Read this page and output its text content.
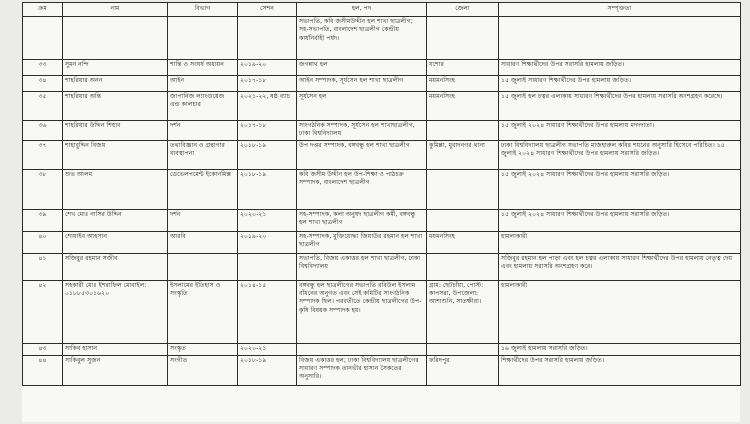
ক্রম	নাম	বিভাগ	সেশন	হল, পদ	জেলা	সম্পৃক্ততা
				সভাপতি, কবি জসীমউদ্দীন হল শাখা ছাত্রলীগ; সহ-সভাপতি, বাংলাদেশ ছাত্রলীগ কেন্দ্রীয় কার্যনির্বাহী পর্ষদ।		
৩৩	সুমন নন্দি	শান্তি ও সংঘর্ষ অধ্যয়ন	২০১৯-২০	জগন্নাথ হল	যশোর	সাধারণ শিক্ষার্থীদের উপর সরাসরি হামলায় জড়িত।
৩৪	শাহরিয়ার অনন	আইন	২০১৭-১৮	আইন সম্পাদক, সূর্যসেন হল শাখা ছাত্রলীগ	ময়মনসিংহ	১৫ জুলাই সাধারণ শিক্ষার্থীদের উপর হামলায় জড়িত।
৩৫	শাহরিয়ার অন্তি	জাপানিজ ল্যাংগুয়েজ এন্ড কালচার	২০২১-২২, ষষ্ঠ ব্যাচ	সূর্যসেন হল	ময়মনসিংহ	১৫ জুলাই হল চত্বর এলাকায় সাধারণ শিক্ষার্থীদের উপর হামলায় সরাসরি অংশগ্রহণ করেছে।
৩৬	শাহরিয়ার উদ্দিন শিহাব	দর্শন	২০১৭-১৮	সাংগঠনিক সম্পাদক, সূর্যসেন হল শাখাছাত্রলীগ, ঢাকা বিশ্ববিদ্যালয়		১৫ জুলাই ২০২৪ সাধারণ শিক্ষার্থীদের উপর হামলায় মদদদাতা।
৩৭	শাহাবুদ্দিন বিজয়	তথ্যবিজ্ঞান ও গ্রন্থাগার ব্যবস্থাপনা	২০১৮-১৯	উপ দপ্তর সম্পাদক, বঙ্গবন্ধু হল শাখা ছাত্রলীগ	কুমিল্লা, মুরাদনগর থানা	ঢাকা বিশ্ববিদ্যালয় ছাত্রলীগ সভাপতি মাজহারুল কবির শয়নের অনুসারি হিসেবে পরিচিত। ১৫ জুলাই ২০২৪ সাধারণ শিক্ষার্থীদের উপর হামলায় সরাসরি জড়িত।
৩৮	শুভ আলম	ডেভেলপমেন্ট ইকোনমিক্স	২০১৮-১৯	কবি জসীম উদ্দীন হল উপ-শিক্ষা ও পাঠচক্র সম্পাদক, বাংলাদেশ ছাত্রলীগ		১৫ জুলাই ২০২৪ সাধারণ শিক্ষার্থীদের উপর হামলায় সরাসরি জড়িত।
৩৯	শেখ মোঃ নাসির উদ্দিন	দর্শন	২০২০-২১	সহ-সম্পাদক, কলা অনুষদ ছাত্রলীগ কর্মী, বঙ্গবন্ধু হল শাখা ছাত্রলীগ		১৫ জুলাই ২০২৪ সাধারণ শিক্ষার্থীদের উপর হামলায় সরাসরি জড়িত।
৪০	শোয়াইব আহসান	আরবি	২০১৯-২০	সহ-সম্পাদক, মুক্তিযোদ্ধা জিয়াউর রহমান হল শাখা ছাত্রলীগ	ময়মনসিংহ	হামলাকারী
৪১	সজিবুর রহমান সজীব			সভাপতি, বিজয় একাত্তর হল শাখা ছাত্রলীগ, ঢাকা বিশ্ববিদ্যালয়		সজিবুর রহমান হল পাড়া এবং হল চত্বর এলাকায় সাধারণ শিক্ষার্থীদের উপর হামলায় নেতৃত্ব দেয় এবং হামলায় সরাসরি অংশগ্রহণ করে।
৪২	সহকারী মোঃ ইশরাফিল মোবাইল: ০১৮৮৫৩০১৬২০	ইসলামের ইতিহাস ও সংস্কৃতি	২০১৪-১৫	বঙ্গবন্ধু হল ছাত্রলীগের সভাপতি রবিউল ইসলাম বাঁধনের অনুগত এবং সেই কমিটির সাংগঠনিক সম্পাদক ছিল। পরবর্তীতে কেন্দ্রীয় ছাত্রলীগের উপ-কৃষি বিষয়ক সম্পাদক হয়।	গ্রাম: ছেটচাঁয়া, পোস্ট: কাপসরা, উপজেলা: আশাশুনি, সাতক্ষীরা।	হামলাকারী
৪৩	সাকিব হাসান	সংস্কৃত	২০২০-২১			১৬ জুলাই হামলায় সরাসরি জড়িত।
৪৪	সাকিবুল সুজন	সংগীত	২০১৮-১৯	বিজয় একাত্তর হল; ঢাকা বিশ্ববিদ্যালয় ছাত্রলীগের সাধারণ সম্পাদক তানভীর হাসান সৈকতের অনুসারি।	ফরিদপুর	শিক্ষার্থীদের উপর সরাসরি হামলায় জড়িত।
